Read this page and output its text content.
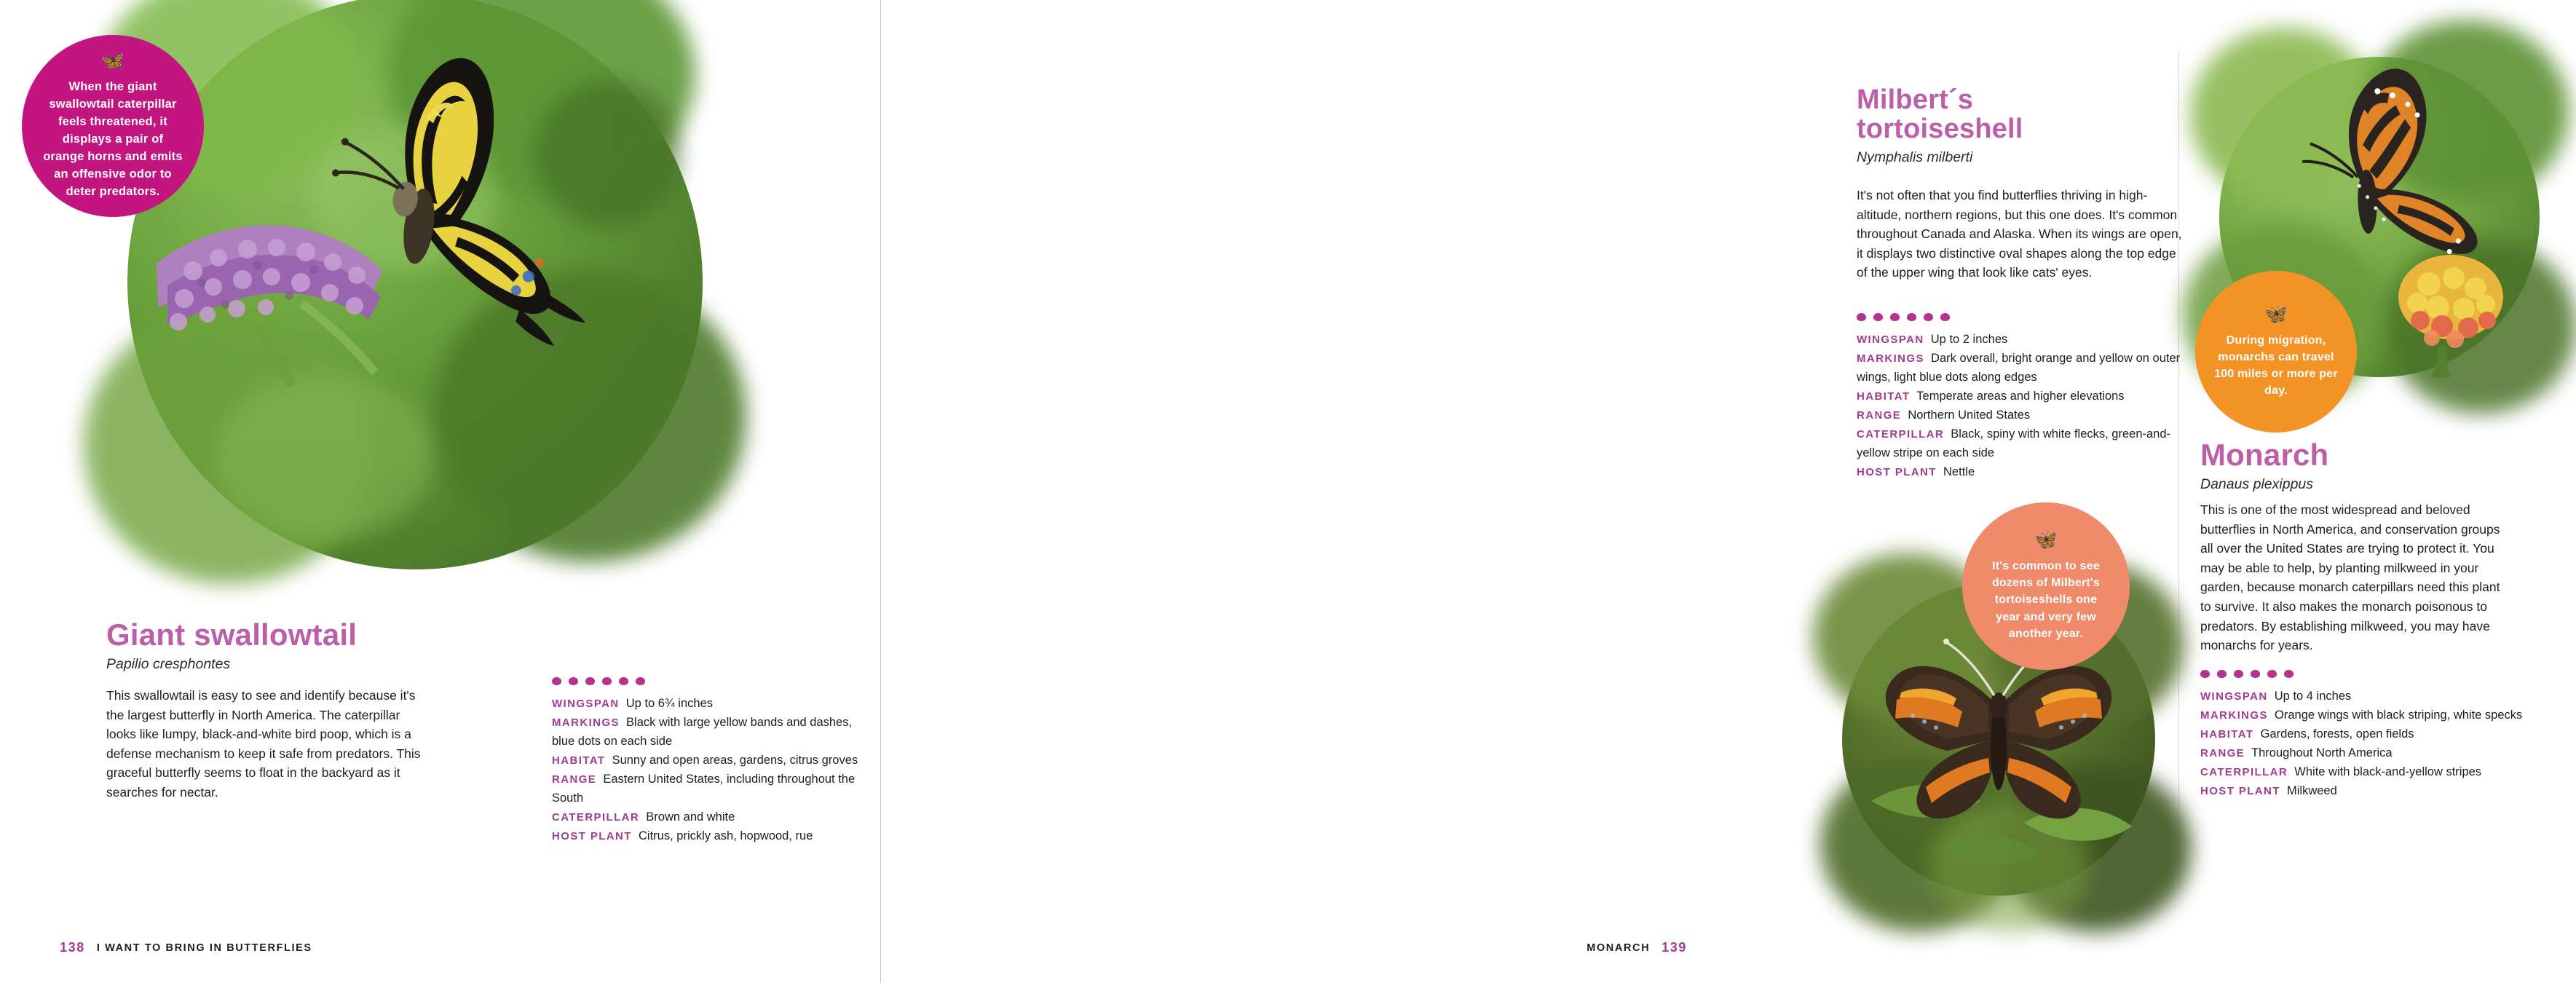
🦋
When the giant swallowtail caterpillar feels threatened, it displays a pair of orange horns and emits an offensive odor to deter predators.
Giant swallowtail

Papilio cresphontes

This swallowtail is easy to see and identify because it's the largest butterfly in North America. The caterpillar looks like lumpy, black-and-white bird poop, which is a defense mechanism to keep it safe from predators. This graceful butterfly seems to float in the backyard as it searches for nectar.

WINGSPAN Up to 6¾ inches
MARKINGS Black with large yellow bands and dashes, blue dots on each side
HABITAT Sunny and open areas, gardens, citrus groves
RANGE Eastern United States, including throughout the South
CATERPILLAR Brown and white
HOST PLANT Citrus, prickly ash, hopwood, rue
138 I WANT TO BRING IN BUTTERFLIES
Milbert´s tortoiseshell

Nymphalis milberti

It's not often that you find butterflies thriving in high-altitude, northern regions, but this one does. It's common throughout Canada and Alaska. When its wings are open, it displays two distinctive oval shapes along the top edge of the upper wing that look like cats' eyes.

WINGSPAN Up to 2 inches
MARKINGS Dark overall, bright orange and yellow on outer wings, light blue dots along edges
HABITAT Temperate areas and higher elevations
RANGE Northern United States
CATERPILLAR Black, spiny with white flecks, green-and-yellow stripe on each side
HOST PLANT Nettle
🦋
During migration, monarchs can travel 100 miles or more per day.
Monarch

Danaus plexippus

This is one of the most widespread and beloved butterflies in North America, and conservation groups all over the United States are trying to protect it. You may be able to help, by planting milkweed in your garden, because monarch caterpillars need this plant to survive. It also makes the monarch poisonous to predators. By establishing milkweed, you may have monarchs for years.

WINGSPAN Up to 4 inches
MARKINGS Orange wings with black striping, white specks
HABITAT Gardens, forests, open fields
RANGE Throughout North America
CATERPILLAR White with black-and-yellow stripes
HOST PLANT Milkweed
🦋
It's common to see dozens of Milbert's tortoiseshells one year and very few another year.
MONARCH 139
